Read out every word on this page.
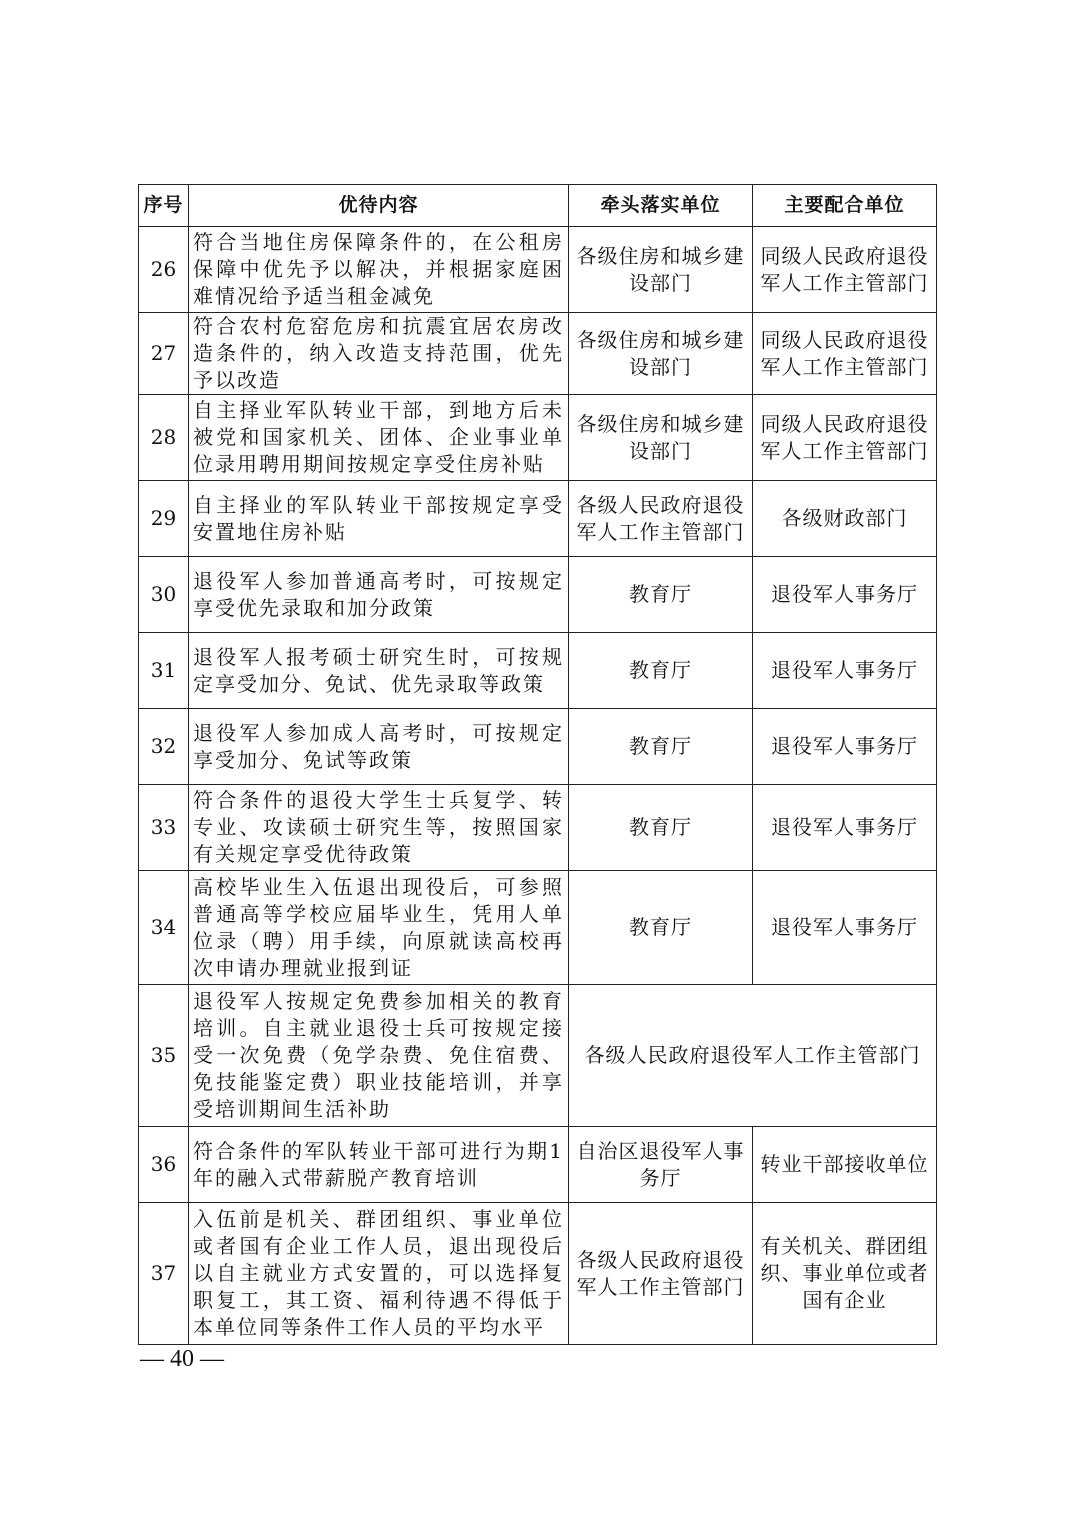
序号	优待内容	牵头落实单位	主要配合单位
26	符合当地住房保障条件的，在公租房保障中优先予以解决，并根据家庭困难情况给予适当租金减免	各级住房和城乡建设部门	同级人民政府退役军人工作主管部门
27	符合农村危窑危房和抗震宜居农房改造条件的，纳入改造支持范围，优先予以改造	各级住房和城乡建设部门	同级人民政府退役军人工作主管部门
28	自主择业军队转业干部，到地方后未被党和国家机关、团体、企业事业单位录用聘用期间按规定享受住房补贴	各级住房和城乡建设部门	同级人民政府退役军人工作主管部门
29	自主择业的军队转业干部按规定享受安置地住房补贴	各级人民政府退役军人工作主管部门	各级财政部门
30	退役军人参加普通高考时，可按规定享受优先录取和加分政策	教育厅	退役军人事务厅
31	退役军人报考硕士研究生时，可按规定享受加分、免试、优先录取等政策	教育厅	退役军人事务厅
32	退役军人参加成人高考时，可按规定享受加分、免试等政策	教育厅	退役军人事务厅
33	符合条件的退役大学生士兵复学、转专业、攻读硕士研究生等，按照国家有关规定享受优待政策	教育厅	退役军人事务厅
34	高校毕业生入伍退出现役后，可参照普通高等学校应届毕业生，凭用人单位录（聘）用手续，向原就读高校再次申请办理就业报到证	教育厅	退役军人事务厅
35	退役军人按规定免费参加相关的教育培训。自主就业退役士兵可按规定接受一次免费（免学杂费、免住宿费、免技能鉴定费）职业技能培训，并享受培训期间生活补助	各级人民政府退役军人工作主管部门	
36	符合条件的军队转业干部可进行为期1年的融入式带薪脱产教育培训	自治区退役军人事务厅	转业干部接收单位
37	入伍前是机关、群团组织、事业单位或者国有企业工作人员，退出现役后以自主就业方式安置的，可以选择复职复工，其工资、福利待遇不得低于本单位同等条件工作人员的平均水平	各级人民政府退役军人工作主管部门	有关机关、群团组织、事业单位或者国有企业
— 40 —
